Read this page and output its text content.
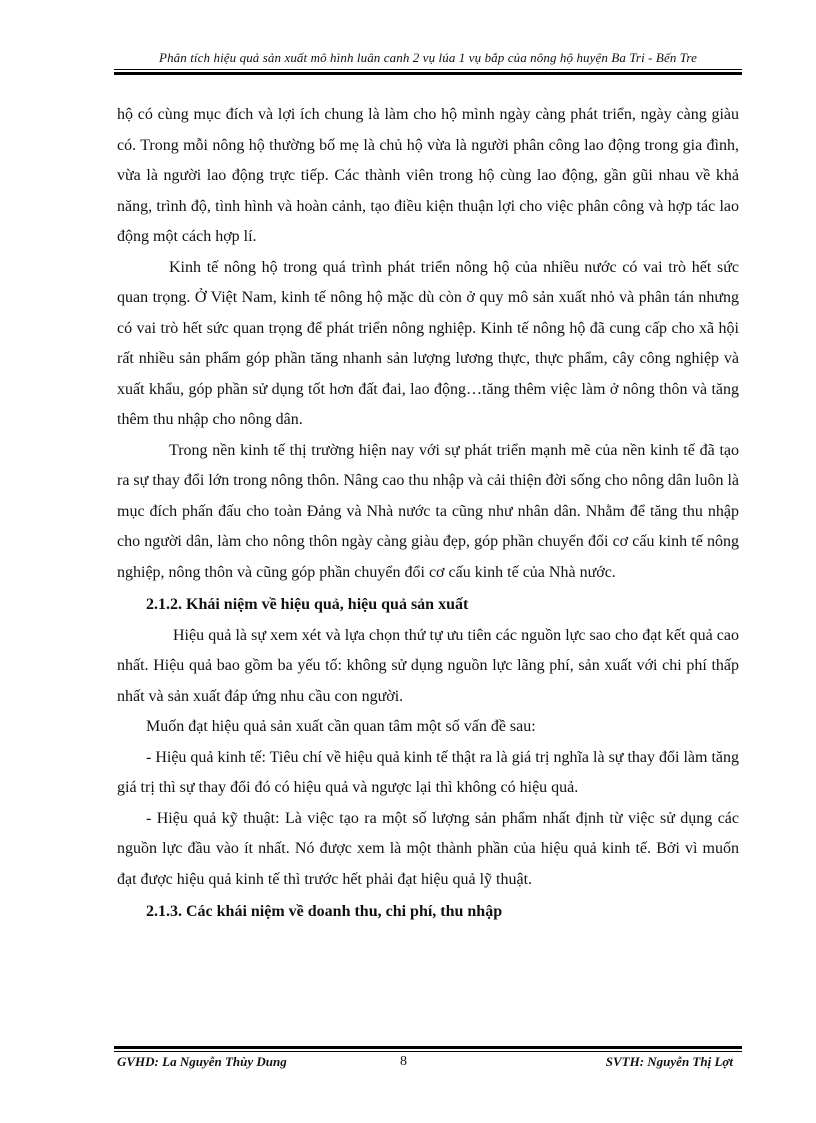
Phân tích hiệu quả sản xuất mô hình luân canh 2 vụ lúa 1 vụ bắp của nông hộ huyện Ba Tri - Bến Tre

hộ có cùng mục đích và lợi ích chung là làm cho hộ mình ngày càng phát triển, ngày càng giàu có. Trong mỗi nông hộ thường bố mẹ là chủ hộ vừa là người phân công lao động trong gia đình, vừa là người lao động trực tiếp. Các thành viên trong hộ cùng lao động, gần gũi nhau về khả năng, trình độ, tình hình và hoàn cảnh, tạo điều kiện thuận lợi cho việc phân công và hợp tác lao động một cách hợp lí.

Kinh tế nông hộ trong quá trình phát triển nông hộ của nhiều nước có vai trò hết sức quan trọng. Ở Việt Nam, kinh tế nông hộ mặc dù còn ở quy mô sản xuất nhỏ và phân tán nhưng có vai trò hết sức quan trọng để phát triển nông nghiệp. Kinh tế nông hộ đã cung cấp cho xã hội rất nhiều sản phẩm góp phần tăng nhanh sản lượng lương thực, thực phẩm, cây công nghiệp và xuất khẩu, góp phần sử dụng tốt hơn đất đai, lao động…tăng thêm việc làm ở nông thôn và tăng thêm thu nhập cho nông dân.

Trong nền kinh tế thị trường hiện nay với sự phát triển mạnh mẽ của nền kinh tế đã tạo ra sự thay đổi lớn trong nông thôn. Nâng cao thu nhập và cải thiện đời sống cho nông dân luôn là mục đích phấn đấu cho toàn Đảng và Nhà nước ta cũng như nhân dân. Nhằm để tăng thu nhập cho người dân, làm cho nông thôn ngày càng giàu đẹp, góp phần chuyển đổi cơ cấu kinh tế nông nghiệp, nông thôn và cũng góp phần chuyển đổi cơ cấu kinh tế của Nhà nước.

2.1.2. Khái niệm về hiệu quả, hiệu quả sản xuất

Hiệu quả là sự xem xét và lựa chọn thứ tự ưu tiên các nguồn lực sao cho đạt kết quả cao nhất. Hiệu quả bao gồm ba yếu tố: không sử dụng nguồn lực lãng phí, sản xuất với chi phí thấp nhất và sản xuất đáp ứng nhu cầu con người.

Muốn đạt hiệu quả sản xuất cần quan tâm một số vấn đề sau:

- Hiệu quả kinh tế: Tiêu chí về hiệu quả kinh tế thật ra là giá trị nghĩa là sự thay đổi làm tăng giá trị thì sự thay đổi đó có hiệu quả và ngược lại thì không có hiệu quả.

- Hiệu quả kỹ thuật: Là việc tạo ra một số lượng sản phẩm nhất định từ việc sử dụng các nguồn lực đầu vào ít nhất. Nó được xem là một thành phần của hiệu quả kinh tế. Bởi vì muốn đạt được hiệu quả kinh tế thì trước hết phải đạt hiệu quả lỹ thuật.

2.1.3. Các khái niệm về doanh thu, chi phí, thu nhập

GVHD: La Nguyễn Thùy Dung	8	SVTH: Nguyễn Thị Lợt
